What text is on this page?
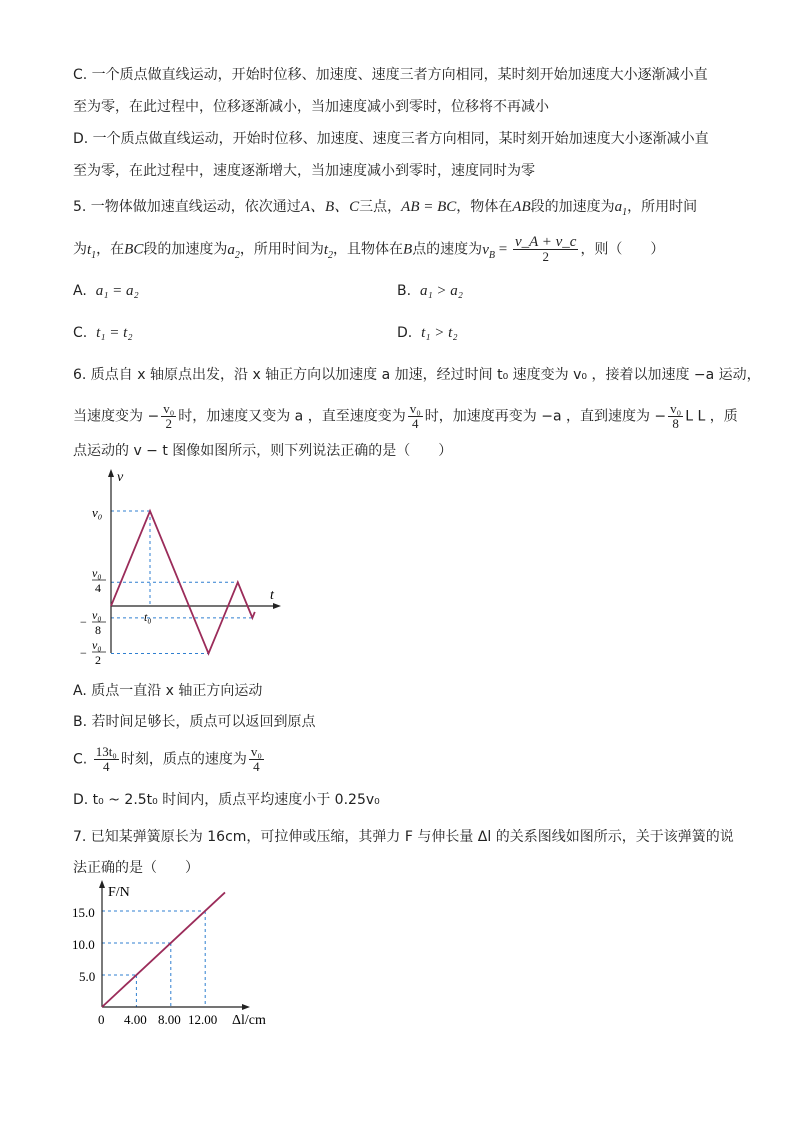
C. 一个质点做直线运动，开始时位移、加速度、速度三者方向相同，某时刻开始加速度大小逐渐减小直
至为零，在此过程中，位移逐渐减小，当加速度减小到零时，位移将不再减小
D. 一个质点做直线运动，开始时位移、加速度、速度三者方向相同，某时刻开始加速度大小逐渐减小直
至为零，在此过程中，速度逐渐增大，当加速度减小到零时，速度同时为零
5. 一物体做加速直线运动，依次通过A、B、C三点，AB = BC，物体在AB段的加速度为$a_1$，所用时间
为$t_1$，在BC段的加速度为$a_2$，所用时间为$t_2$，且物体在B点的速度为$v_B = \frac{v\_A + v\_c}{2}$ ，则（　　）
A. a₁ = a₂	B. a₁ > a₂
C. t₁ = t₂	D. t₁ > t₂
6. 质点自 x 轴原点出发，沿 x 轴正方向以加速度 a 加速，经过时间 t₀ 速度变为 v₀ ，接着以加速度 −a 运动，
当速度变为 − $\frac{\text{v₀}}{2}$ 时，加速度又变为 a ，直至速度变为 $\frac{\text{v₀}}{4}$ 时，加速度再变为 −a ，直到速度为 − $\frac{\text{v₀}}{8}$ L L ，质
点运动的 v − t 图像如图所示，则下列说法正确的是（　　）
v
t
v₀
v₀
4
− v₀
8
−
v₀
2
t₀
A. 质点一直沿 x 轴正方向运动
B. 若时间足够长，质点可以返回到原点
C. $\frac{\text{13t₀}}{4}$ 时刻，质点的速度为 $\frac{\text{v₀}}{4}$
D. t₀ ~ 2.5t₀ 时间内，质点平均速度小于 0.25v₀
7. 已知某弹簧原长为 16cm，可拉伸或压缩，其弹力 F 与伸长量 Δl 的关系图线如图所示，关于该弹簧的说
法正确的是（　　）
F/N
Δl/cm
0
15.0
10.0
5.0
4.00 8.00 12.00
